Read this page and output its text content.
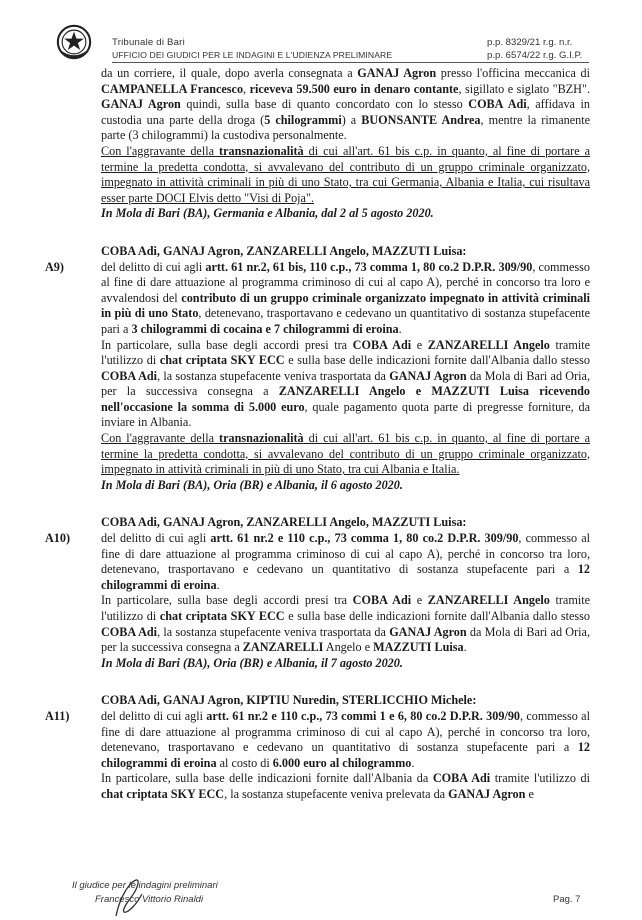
Tribunale di Bari
UFFICIO DEI GIUDICI PER LE INDAGINI E L'UDIENZA PRELIMINARE
p.p. 8329/21 r.g. n.r.
p.p. 6574/22 r.g. G.I.P.

da un corriere, il quale, dopo averla consegnata a GANAJ Agron presso l'officina meccanica di CAMPANELLA Francesco, riceveva 59.500 euro in denaro contante, sigillato e siglato "BZH". GANAJ Agron quindi, sulla base di quanto concordato con lo stesso COBA Adi, affidava in custodia una parte della droga (5 chilogrammi) a BUONSANTE Andrea, mentre la rimanente parte (3 chilogrammi) la custodiva personalmente.

Con l'aggravante della transnazionalità di cui all'art. 61 bis c.p. in quanto, al fine di portare a termine la predetta condotta, si avvalevano del contributo di un gruppo criminale organizzato, impegnato in attività criminali in più di uno Stato, tra cui Germania, Albania e Italia, cui risultava esser parte DOCI Elvis detto "Visi di Poja".

In Mola di Bari (BA), Germania e Albania, dal 2 al 5 agosto 2020.

COBA Adi, GANAJ Agron, ZANZARELLI Angelo, MAZZUTI Luisa:

A9)	del delitto di cui agli artt. 61 nr.2, 61 bis, 110 c.p., 73 comma 1, 80 co.2 D.P.R. 309/90, commesso al fine di dare attuazione al programma criminoso di cui al capo A), perché in concorso tra loro e avvalendosi del contributo di un gruppo criminale organizzato impegnato in attività criminali in più di uno Stato, detenevano, trasportavano e cedevano un quantitativo di sostanza stupefacente pari a 3 chilogrammi di cocaina e 7 chilogrammi di eroina.

In particolare, sulla base degli accordi presi tra COBA Adi e ZANZARELLI Angelo tramite l'utilizzo di chat criptata SKY ECC e sulla base delle indicazioni fornite dall'Albania dallo stesso COBA Adi, la sostanza stupefacente veniva trasportata da GANAJ Agron da Mola di Bari ad Oria, per la successiva consegna a ZANZARELLI Angelo e MAZZUTI Luisa ricevendo nell'occasione la somma di 5.000 euro, quale pagamento quota parte di pregresse forniture, da inviare in Albania.

Con l'aggravante della transnazionalità di cui all'art. 61 bis c.p. in quanto, al fine di portare a termine la predetta condotta, si avvalevano del contributo di un gruppo criminale organizzato, impegnato in attività criminali in più di uno Stato, tra cui Albania e Italia.

In Mola di Bari (BA), Oria (BR) e Albania, il 6 agosto 2020.

COBA Adi, GANAJ Agron, ZANZARELLI Angelo, MAZZUTI Luisa:

A10)	del delitto di cui agli artt. 61 nr.2 e 110 c.p., 73 comma 1, 80 co.2 D.P.R. 309/90, commesso al fine di dare attuazione al programma criminoso di cui al capo A), perché in concorso tra loro, detenevano, trasportavano e cedevano un quantitativo di sostanza stupefacente pari a 12 chilogrammi di eroina.

In particolare, sulla base degli accordi presi tra COBA Adi e ZANZARELLI Angelo tramite l'utilizzo di chat criptata SKY ECC e sulla base delle indicazioni fornite dall'Albania dallo stesso COBA Adi, la sostanza stupefacente veniva trasportata da GANAJ Agron da Mola di Bari ad Oria, per la successiva consegna a ZANZARELLI Angelo e MAZZUTI Luisa.

In Mola di Bari (BA), Oria (BR) e Albania, il 7 agosto 2020.

COBA Adi, GANAJ Agron, KIPTIU Nuredin, STERLICCHIO Michele:

A11)	del delitto di cui agli artt. 61 nr.2 e 110 c.p., 73 commi 1 e 6, 80 co.2 D.P.R. 309/90, commesso al fine di dare attuazione al programma criminoso di cui al capo A), perché in concorso tra loro, detenevano, trasportavano e cedevano un quantitativo di sostanza stupefacente pari a 12 chilogrammi di eroina al costo di 6.000 euro al chilogrammo.

In particolare, sulla base delle indicazioni fornite dall'Albania da COBA Adi tramite l'utilizzo di chat criptata SKY ECC, la sostanza stupefacente veniva prelevata da GANAJ Agron e

Il giudice per le indagini preliminari
Francesco Vittorio Rinaldi	Pag. 7
